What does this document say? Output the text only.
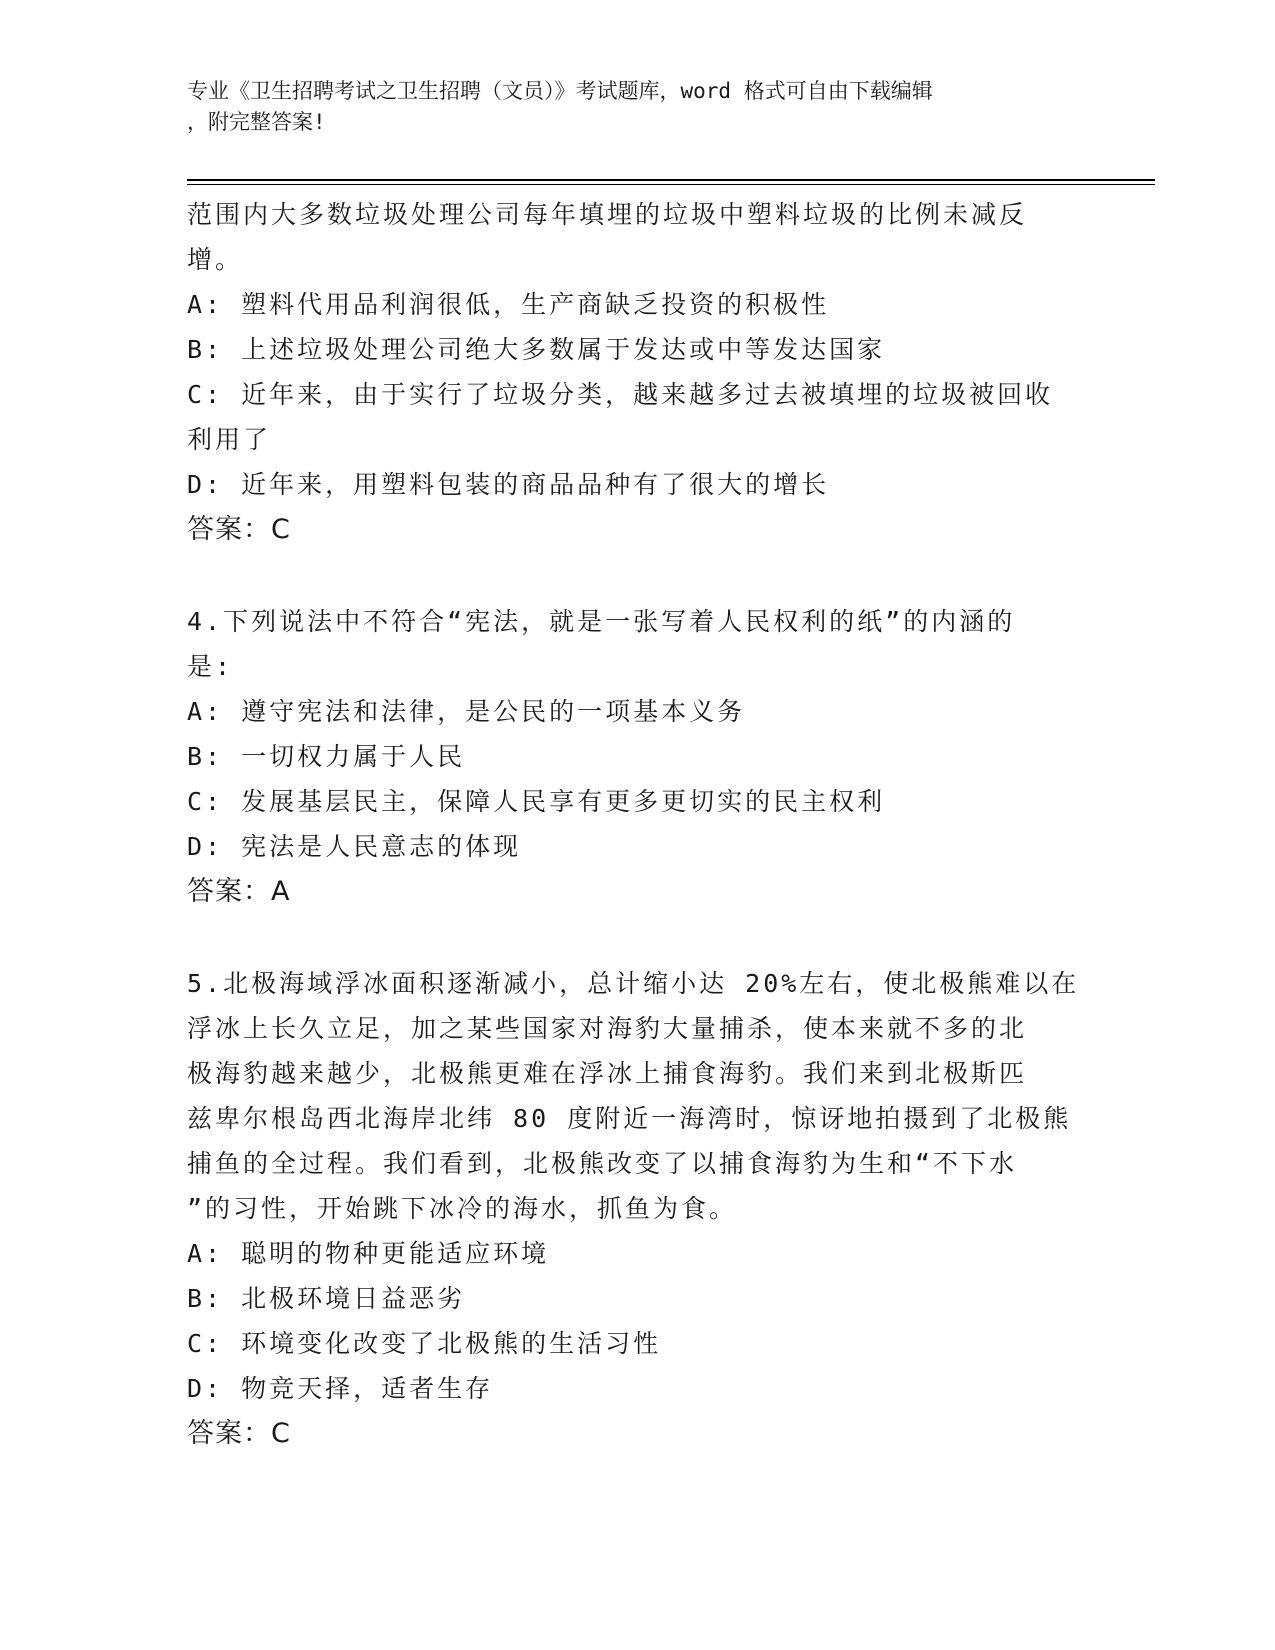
专业《卫生招聘考试之卫生招聘（文员）》考试题库，word 格式可自由下载编辑
，附完整答案!
范围内大多数垃圾处理公司每年填埋的垃圾中塑料垃圾的比例未减反
增。
A: 塑料代用品利润很低，生产商缺乏投资的积极性
B: 上述垃圾处理公司绝大多数属于发达或中等发达国家
C: 近年来，由于实行了垃圾分类，越来越多过去被填埋的垃圾被回收
利用了
D: 近年来，用塑料包装的商品品种有了很大的增长
答案：C
4.下列说法中不符合“宪法，就是一张写着人民权利的纸”的内涵的
是:
A: 遵守宪法和法律，是公民的一项基本义务
B: 一切权力属于人民
C: 发展基层民主，保障人民享有更多更切实的民主权利
D: 宪法是人民意志的体现
答案：A
5.北极海域浮冰面积逐渐减小，总计缩小达 20%左右，使北极熊难以在
浮冰上长久立足，加之某些国家对海豹大量捕杀，使本来就不多的北
极海豹越来越少，北极熊更难在浮冰上捕食海豹。我们来到北极斯匹
兹卑尔根岛西北海岸北纬 80 度附近一海湾时，惊讶地拍摄到了北极熊
捕鱼的全过程。我们看到，北极熊改变了以捕食海豹为生和“不下水
”的习性，开始跳下冰冷的海水，抓鱼为食。
A: 聪明的物种更能适应环境
B: 北极环境日益恶劣
C: 环境变化改变了北极熊的生活习性
D: 物竞天择，适者生存
答案：C
